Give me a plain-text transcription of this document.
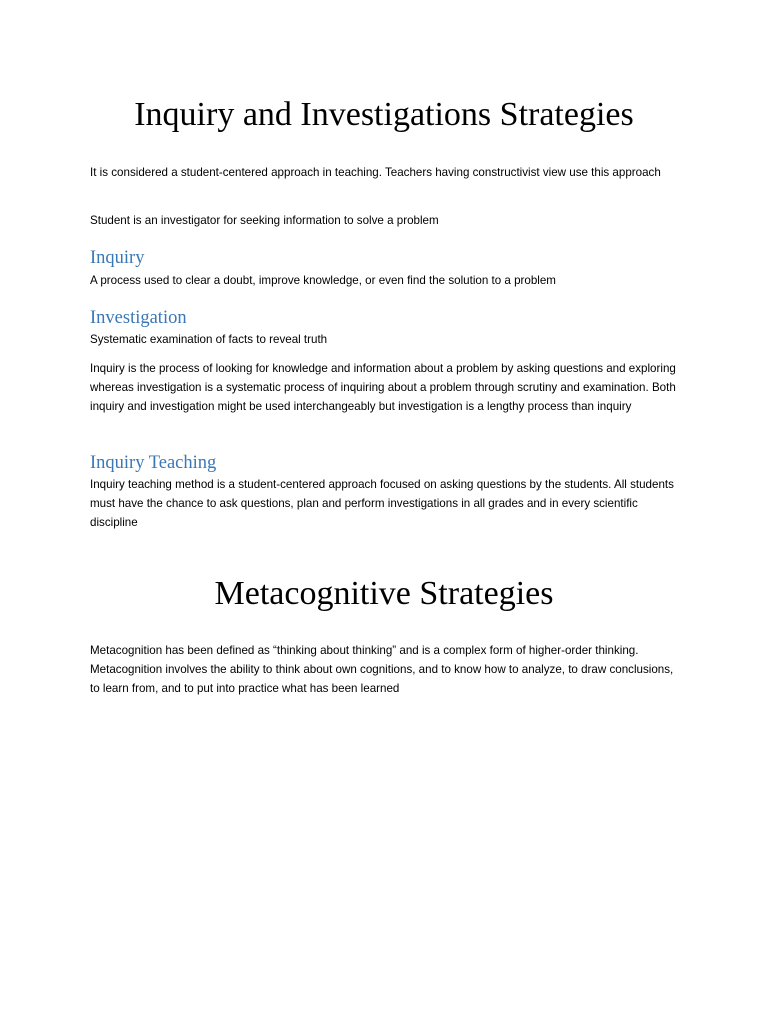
Inquiry and Investigations Strategies

It is considered a student-centered approach in teaching. Teachers having constructivist view use this approach

Student is an investigator for seeking information to solve a problem

Inquiry

A process used to clear a doubt, improve knowledge, or even find the solution to a problem

Investigation

Systematic examination of facts to reveal truth

Inquiry is the process of looking for knowledge and information about a problem by asking questions and exploring whereas investigation is a systematic process of inquiring about a problem through scrutiny and examination. Both inquiry and investigation might be used interchangeably but investigation is a lengthy process than inquiry

Inquiry Teaching

Inquiry teaching method is a student-centered approach focused on asking questions by the students. All students must have the chance to ask questions, plan and perform investigations in all grades and in every scientific discipline

Metacognitive Strategies

Metacognition has been defined as “thinking about thinking” and is a complex form of higher-order thinking. Metacognition involves the ability to think about own cognitions, and to know how to analyze, to draw conclusions, to learn from, and to put into practice what has been learned
